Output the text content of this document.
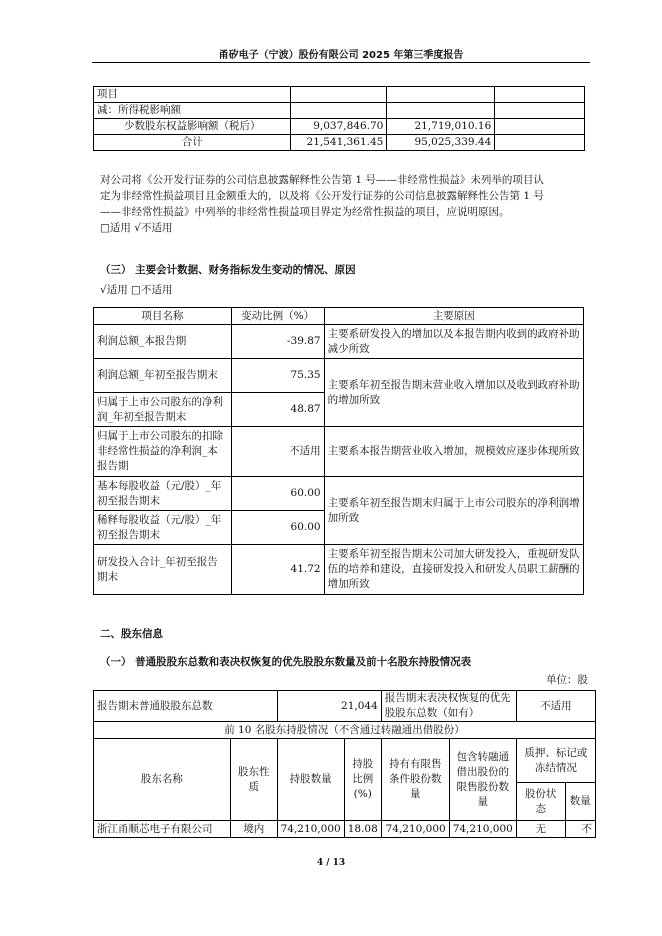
甬矽电子（宁波）股份有限公司 2025 年第三季度报告
项目			
减：所得税影响额			
少数股东权益影响额（税后）	9,037,846.70	21,719,010.16	
合计	21,541,361.45	95,025,339.44	
对公司将《公开发行证券的公司信息披露解释性公告第 1 号——非经常性损益》未列举的项目认
定为非经常性损益项目且金额重大的，以及将《公开发行证券的公司信息披露解释性公告第 1 号
——非经常性损益》中列举的非经常性损益项目界定为经常性损益的项目，应说明原因。
□适用 √不适用
（三） 主要会计数据、财务指标发生变动的情况、原因
√适用 □不适用
项目名称	变动比例（%）	主要原因
利润总额_本报告期	-39.87	主要系研发投入的增加以及本报告期内收到的政府补助减少所致
利润总额_年初至报告期末	75.35	主要系年初至报告期末营业收入增加以及收到政府补助的增加所致
归属于上市公司股东的净利润_年初至报告期末	48.87	
归属于上市公司股东的扣除非经常性损益的净利润_本报告期	不适用	主要系本报告期营业收入增加，规模效应逐步体现所致
基本每股收益（元/股）_年初至报告期末	60.00	主要系年初至报告期末归属于上市公司股东的净利润增加所致
稀释每股收益（元/股）_年初至报告期末	60.00	
研发投入合计_年初至报告期末	41.72	主要系年初至报告期末公司加大研发投入，重视研发队伍的培养和建设，直接研发投入和研发人员职工薪酬的增加所致
二、股东信息
（一） 普通股股东总数和表决权恢复的优先股股东数量及前十名股东持股情况表
单位：股
报告期末普通股股东总数		21,044		报告期末表决权恢复的优先股股东总数（如有）		不适用	
前 10 名股东持股情况（不含通过转融通出借股份）							
股东名称	股东性质	持股数量	持股比例(%)	持有有限售条件股份数量	包含转融通借出股份的限售股份数量	质押、标记或冻结情况	
						股份状态	数量
浙江甬顺芯电子有限公司	境内	74,210,000	18.08	74,210,000	74,210,000	无	不
4 / 13
